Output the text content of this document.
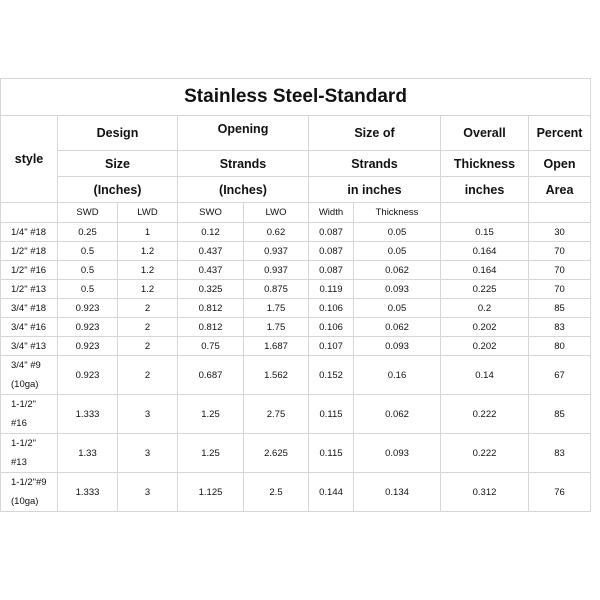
Stainless Steel-Standard								
style	Design		Opening		Size of		Overall	Percent
	Size		Strands		Strands		Thickness	Open
	(Inches)		(Inches)		in inches		inches	Area
	SWD	LWD	SWO	LWO	Width	Thickness		
1/4" #18	0.25	1	0.12	0.62	0.087	0.05	0.15	30
1/2" #18	0.5	1.2	0.437	0.937	0.087	0.05	0.164	70
1/2" #16	0.5	1.2	0.437	0.937	0.087	0.062	0.164	70
1/2" #13	0.5	1.2	0.325	0.875	0.119	0.093	0.225	70
3/4" #18	0.923	2	0.812	1.75	0.106	0.05	0.2	85
3/4" #16	0.923	2	0.812	1.75	0.106	0.062	0.202	83
3/4" #13	0.923	2	0.75	1.687	0.107	0.093	0.202	80
3/4" #9
(10ga)	0.923	2	0.687	1.562	0.152	0.16	0.14	67
1-1/2"
#16	1.333	3	1.25	2.75	0.115	0.062	0.222	85
1-1/2"
#13	1.33	3	1.25	2.625	0.115	0.093	0.222	83
1-1/2"#9
(10ga)	1.333	3	1.125	2.5	0.144	0.134	0.312	76
